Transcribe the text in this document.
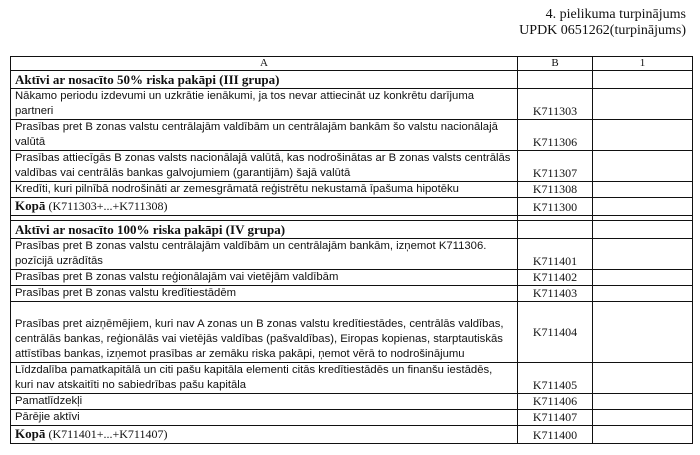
4. pielikuma turpinājums
UPDK 0651262(turpinājums)
A	B	1
Aktīvi ar nosacīto 50% riska pakāpi (III grupa)		
Nākamo periodu izdevumi un uzkrātie ienākumi, ja tos nevar attiecināt uz konkrētu darījuma partneri	K711303	
Prasības pret B zonas valstu centrālajām valdībām un centrālajām bankām šo valstu nacionālajā valūtā	K711306	
Prasības attiecīgās B zonas valsts nacionālajā valūtā, kas nodrošinātas ar B zonas valsts centrālās valdības vai centrālās bankas galvojumiem (garantijām) šajā valūtā	K711307	
Kredīti, kuri pilnībā nodrošināti ar zemesgrāmatā reģistrētu nekustamā īpašuma hipotēku	K711308	
Kopā (K711303+...+K711308)	K711300	

Aktīvi ar nosacīto 100% riska pakāpi (IV grupa)		
Prasības pret B zonas valstu centrālajām valdībām un centrālajām bankām, izņemot K711306. pozīcijā uzrādītās	K711401	
Prasības pret B zonas valstu reģionālajām vai vietējām valdībām	K711402	
Prasības pret B zonas valstu kredītiestādēm	K711403	
Prasības pret aizņēmējiem, kuri nav A zonas un B zonas valstu kredītiestādes, centrālās valdības, centrālās bankas, reģionālās vai vietējās valdības (pašvaldības), Eiropas kopienas, starptautiskās attīstības bankas, izņemot prasības ar zemāku riska pakāpi, ņemot vērā to nodrošinājumu	K711404	
Līdzdalība pamatkapitālā un citi pašu kapitāla elementi citās kredītiestādēs un finanšu iestādēs, kuri nav atskaitīti no sabiedrības pašu kapitāla	K711405	
Pamatlīdzekļi	K711406	
Pārējie aktīvi	K711407	
Kopā (K711401+...+K711407)	K711400	
